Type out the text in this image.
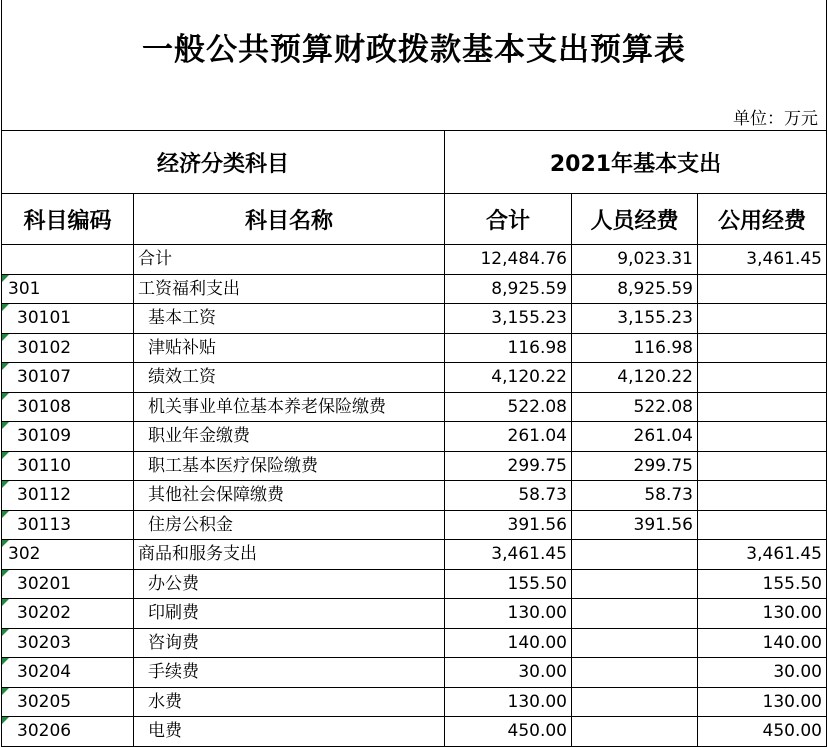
一般公共预算财政拨款基本支出预算表
单位：万元
经济分类科目		2021年基本支出		
科目编码	科目名称	合计	人员经费	公用经费
	合计	12,484.76	9,023.31	3,461.45

301	工资福利支出	8,925.59	8,925.59	

30101	基本工资	3,155.23	3,155.23	

30102	津贴补贴	116.98	116.98	

30107	绩效工资	4,120.22	4,120.22	

30108	机关事业单位基本养老保险缴费	522.08	522.08	

30109	职业年金缴费	261.04	261.04	

30110	职工基本医疗保险缴费	299.75	299.75	

30112	其他社会保障缴费	58.73	58.73	

30113	住房公积金	391.56	391.56	

302	商品和服务支出	3,461.45		3,461.45

30201	办公费	155.50		155.50

30202	印刷费	130.00		130.00

30203	咨询费	140.00		140.00

30204	手续费	30.00		30.00

30205	水费	130.00		130.00

30206	电费	450.00		450.00
